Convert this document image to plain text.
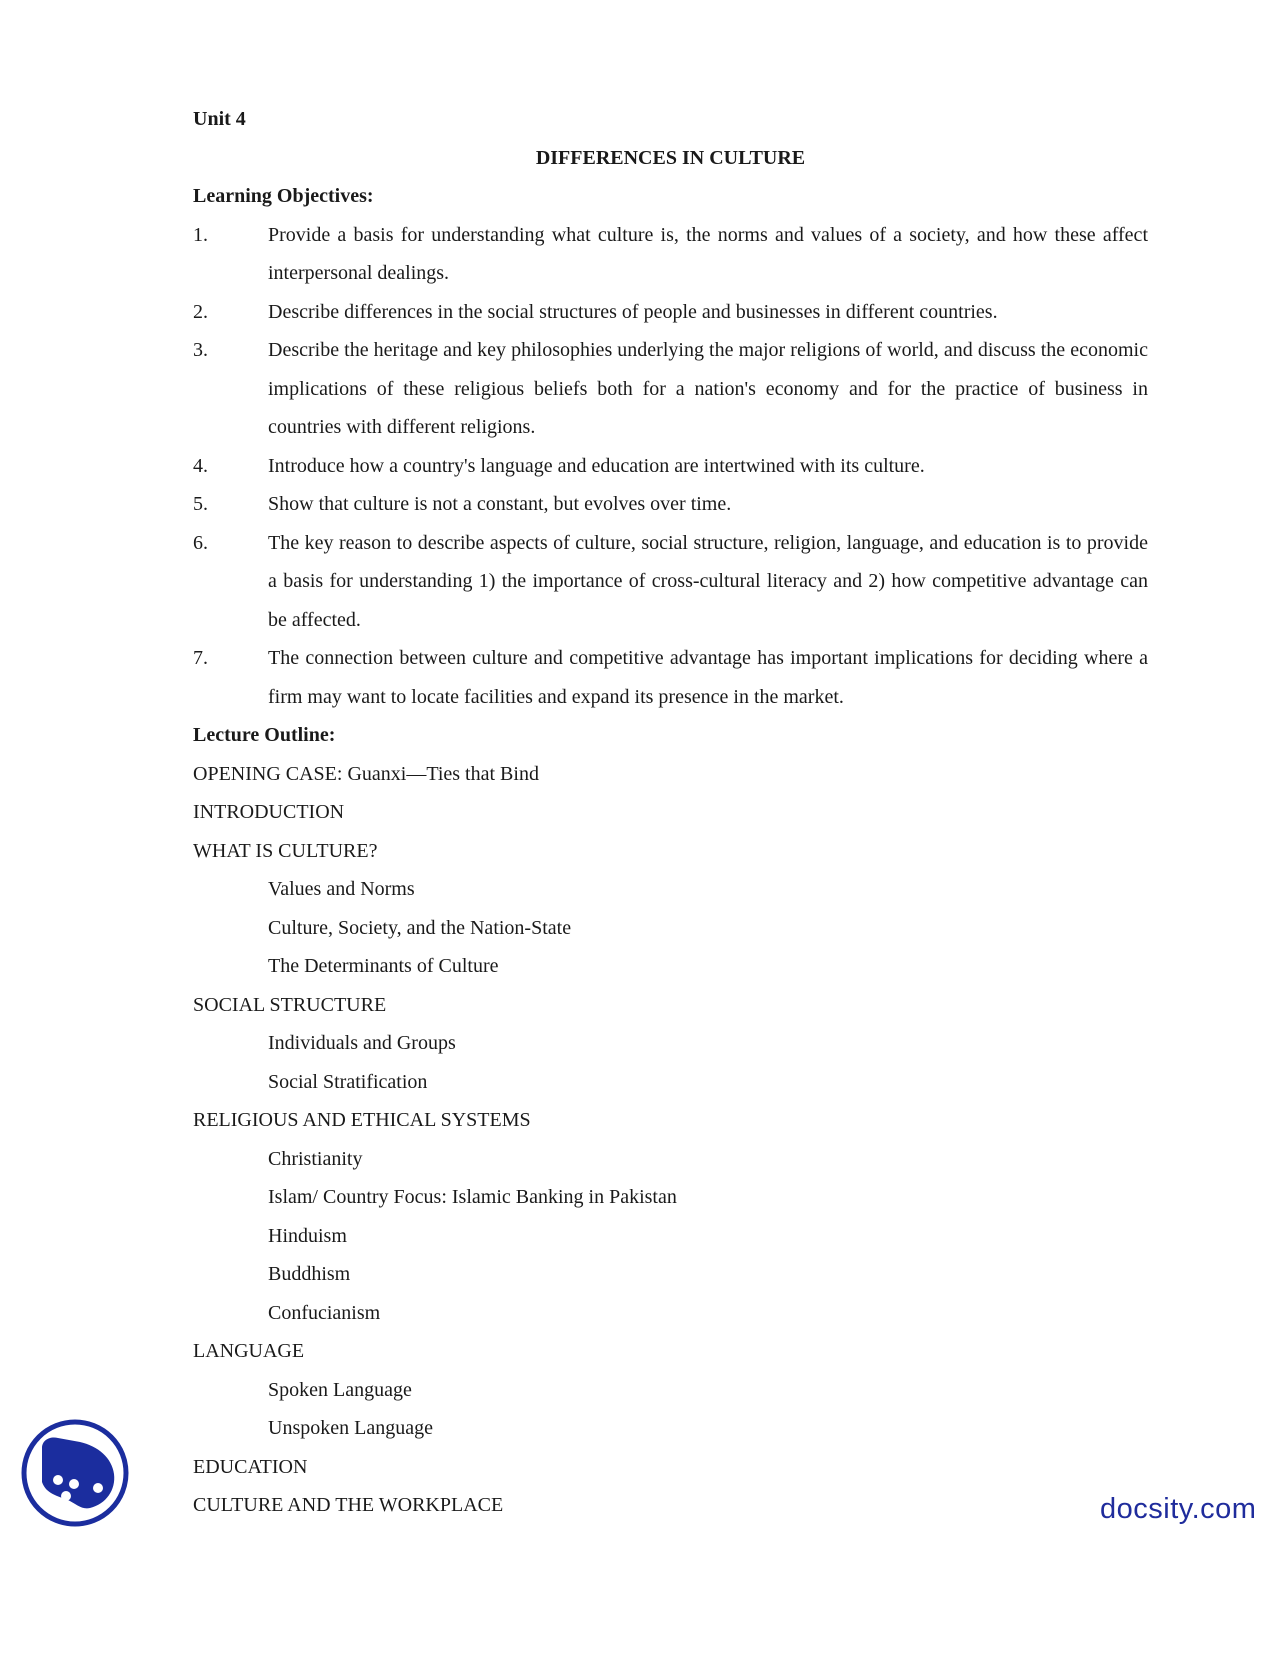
Unit 4

DIFFERENCES IN CULTURE

Learning Objectives:

1.	Provide a basis for understanding what culture is, the norms and values of a society, and how these affect interpersonal dealings.
2.	Describe differences in the social structures of people and businesses in different countries.
3.	Describe the heritage and key philosophies underlying the major religions of world, and discuss the economic implications of these religious beliefs both for a nation's economy and for the practice of business in countries with different religions.
4.	Introduce how a country's language and education are intertwined with its culture.
5.	Show that culture is not a constant, but evolves over time.
6.	The key reason to describe aspects of culture, social structure, religion, language, and education is to provide a basis for understanding 1) the importance of cross-cultural literacy and 2) how competitive advantage can be affected.
7.	The connection between culture and competitive advantage has important implications for deciding where a firm may want to locate facilities and expand its presence in the market.

Lecture Outline:

OPENING CASE: Guanxi—Ties that Bind
INTRODUCTION
WHAT IS CULTURE?
Values and Norms
Culture, Society, and the Nation-State
The Determinants of Culture
SOCIAL STRUCTURE
Individuals and Groups
Social Stratification
RELIGIOUS AND ETHICAL SYSTEMS
Christianity
Islam/ Country Focus: Islamic Banking in Pakistan
Hinduism
Buddhism
Confucianism
LANGUAGE
Spoken Language
Unspoken Language
EDUCATION
CULTURE AND THE WORKPLACE	docsity.com
